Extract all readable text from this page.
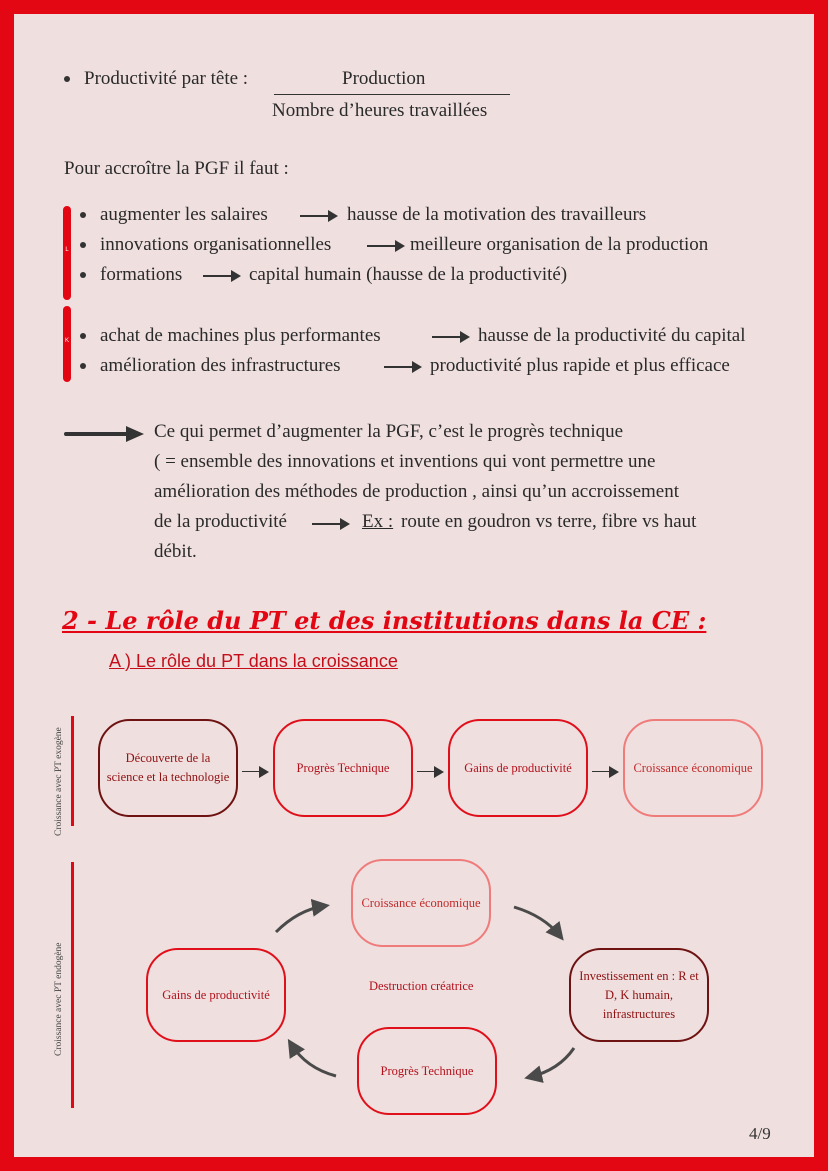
Productivité par tête :	Production
Nombre d’heures travaillées
Pour accroître la PGF il faut :
L
augmenter les salaires	hausse de la motivation des travailleurs
innovations organisationnelles	meilleure organisation de la production
formations	capital humain (hausse de la productivité)
K achat de machines plus performantes	hausse de la productivité du capital
amélioration des infrastructures	productivité plus rapide et plus efficace
Ce qui permet d’augmenter la PGF, c’est le progrès technique
( = ensemble des innovations et inventions qui vont permettre une
amélioration des méthodes de production , ainsi qu’un accroissement
de la productivité	Ex : route en goudron vs terre, fibre vs haut
débit.
2 - Le rôle du PT et des institutions dans la CE :
A ) Le rôle du PT dans la croissance
Croissance avec PT exogène	Découverte de la science et la technologie
Progrès Technique	Gains de productivité	Croissance économique
Croissance avec PT endogène
Croissance économique
Investissement en : R et D, K humain, infrastructures
Progrès Technique
Gains de productivité
Destruction créatrice
4/9
